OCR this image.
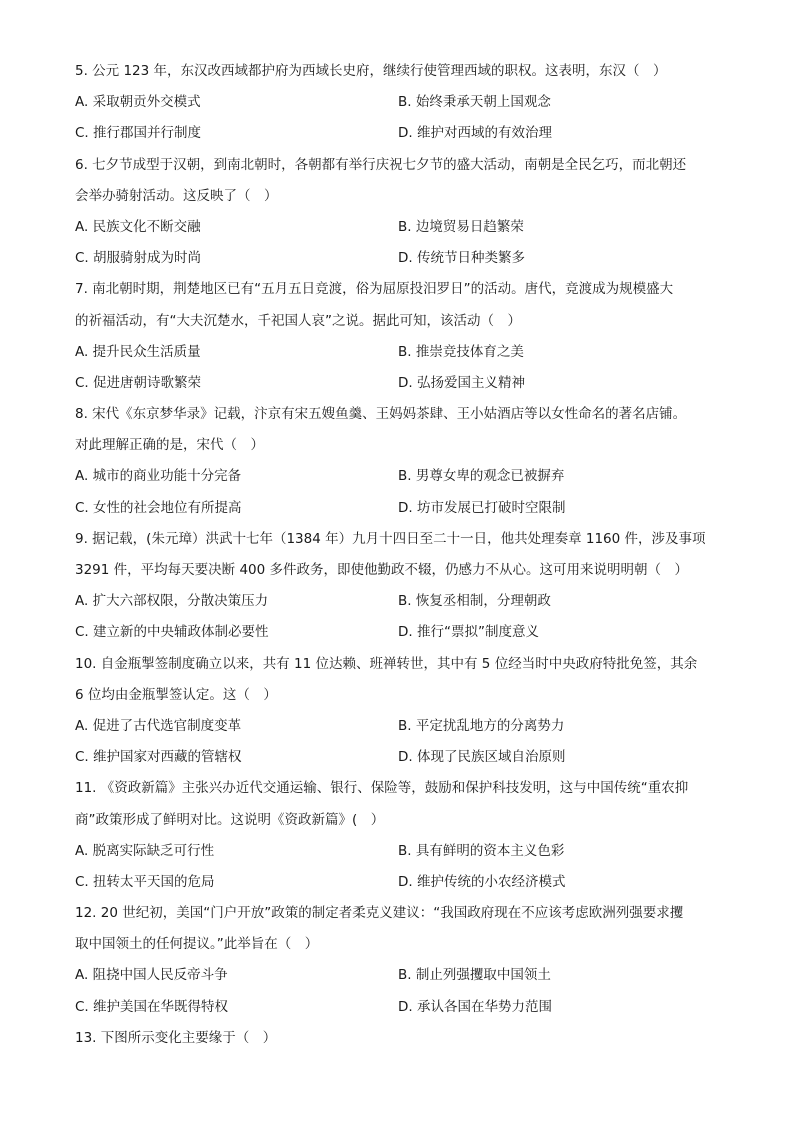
5. 公元 123 年，东汉改西域都护府为西域长史府，继续行使管理西域的职权。这表明，东汉（　）
A. 采取朝贡外交模式	B. 始终秉承天朝上国观念
C. 推行郡国并行制度	D. 维护对西域的有效治理
6. 七夕节成型于汉朝，到南北朝时，各朝都有举行庆祝七夕节的盛大活动，南朝是全民乞巧，而北朝还
会举办骑射活动。这反映了（　）
A. 民族文化不断交融	B. 边境贸易日趋繁荣
C. 胡服骑射成为时尚	D. 传统节日种类繁多
7. 南北朝时期，荆楚地区已有“五月五日竞渡，俗为屈原投汨罗日”的活动。唐代，竞渡成为规模盛大
的祈福活动，有“大夫沉楚水，千祀国人哀”之说。据此可知，该活动（　）
A. 提升民众生活质量	B. 推崇竞技体育之美
C. 促进唐朝诗歌繁荣	D. 弘扬爱国主义精神
8. 宋代《东京梦华录》记载，汴京有宋五嫂鱼羹、王妈妈茶肆、王小姑酒店等以女性命名的著名店铺。
对此理解正确的是，宋代（　）
A. 城市的商业功能十分完备	B. 男尊女卑的观念已被摒弃
C. 女性的社会地位有所提高	D. 坊市发展已打破时空限制
9. 据记载，(朱元璋）洪武十七年（1384 年）九月十四日至二十一日，他共处理奏章 1160 件，涉及事项
3291 件，平均每天要决断 400 多件政务，即使他勤政不辍，仍感力不从心。这可用来说明明朝（　）
A. 扩大六部权限，分散决策压力	B. 恢复丞相制，分理朝政
C. 建立新的中央辅政体制必要性	D. 推行“票拟”制度意义
10. 自金瓶掣签制度确立以来，共有 11 位达赖、班禅转世，其中有 5 位经当时中央政府特批免签，其余
6 位均由金瓶掣签认定。这（　）
A. 促进了古代选官制度变革	B. 平定扰乱地方的分离势力
C. 维护国家对西藏的管辖权	D. 体现了民族区域自治原则
11. 《资政新篇》主张兴办近代交通运输、银行、保险等，鼓励和保护科技发明，这与中国传统“重农抑
商”政策形成了鲜明对比。这说明《资政新篇》(　）
A. 脱离实际缺乏可行性	B. 具有鲜明的资本主义色彩
C. 扭转太平天国的危局	D. 维护传统的小农经济模式
12. 20 世纪初，美国“门户开放”政策的制定者柔克义建议：“我国政府现在不应该考虑欧洲列强要求攫
取中国领土的任何提议。”此举旨在（　）
A. 阻挠中国人民反帝斗争	B. 制止列强攫取中国领土
C. 维护美国在华既得特权	D. 承认各国在华势力范围
13. 下图所示变化主要缘于（　）
